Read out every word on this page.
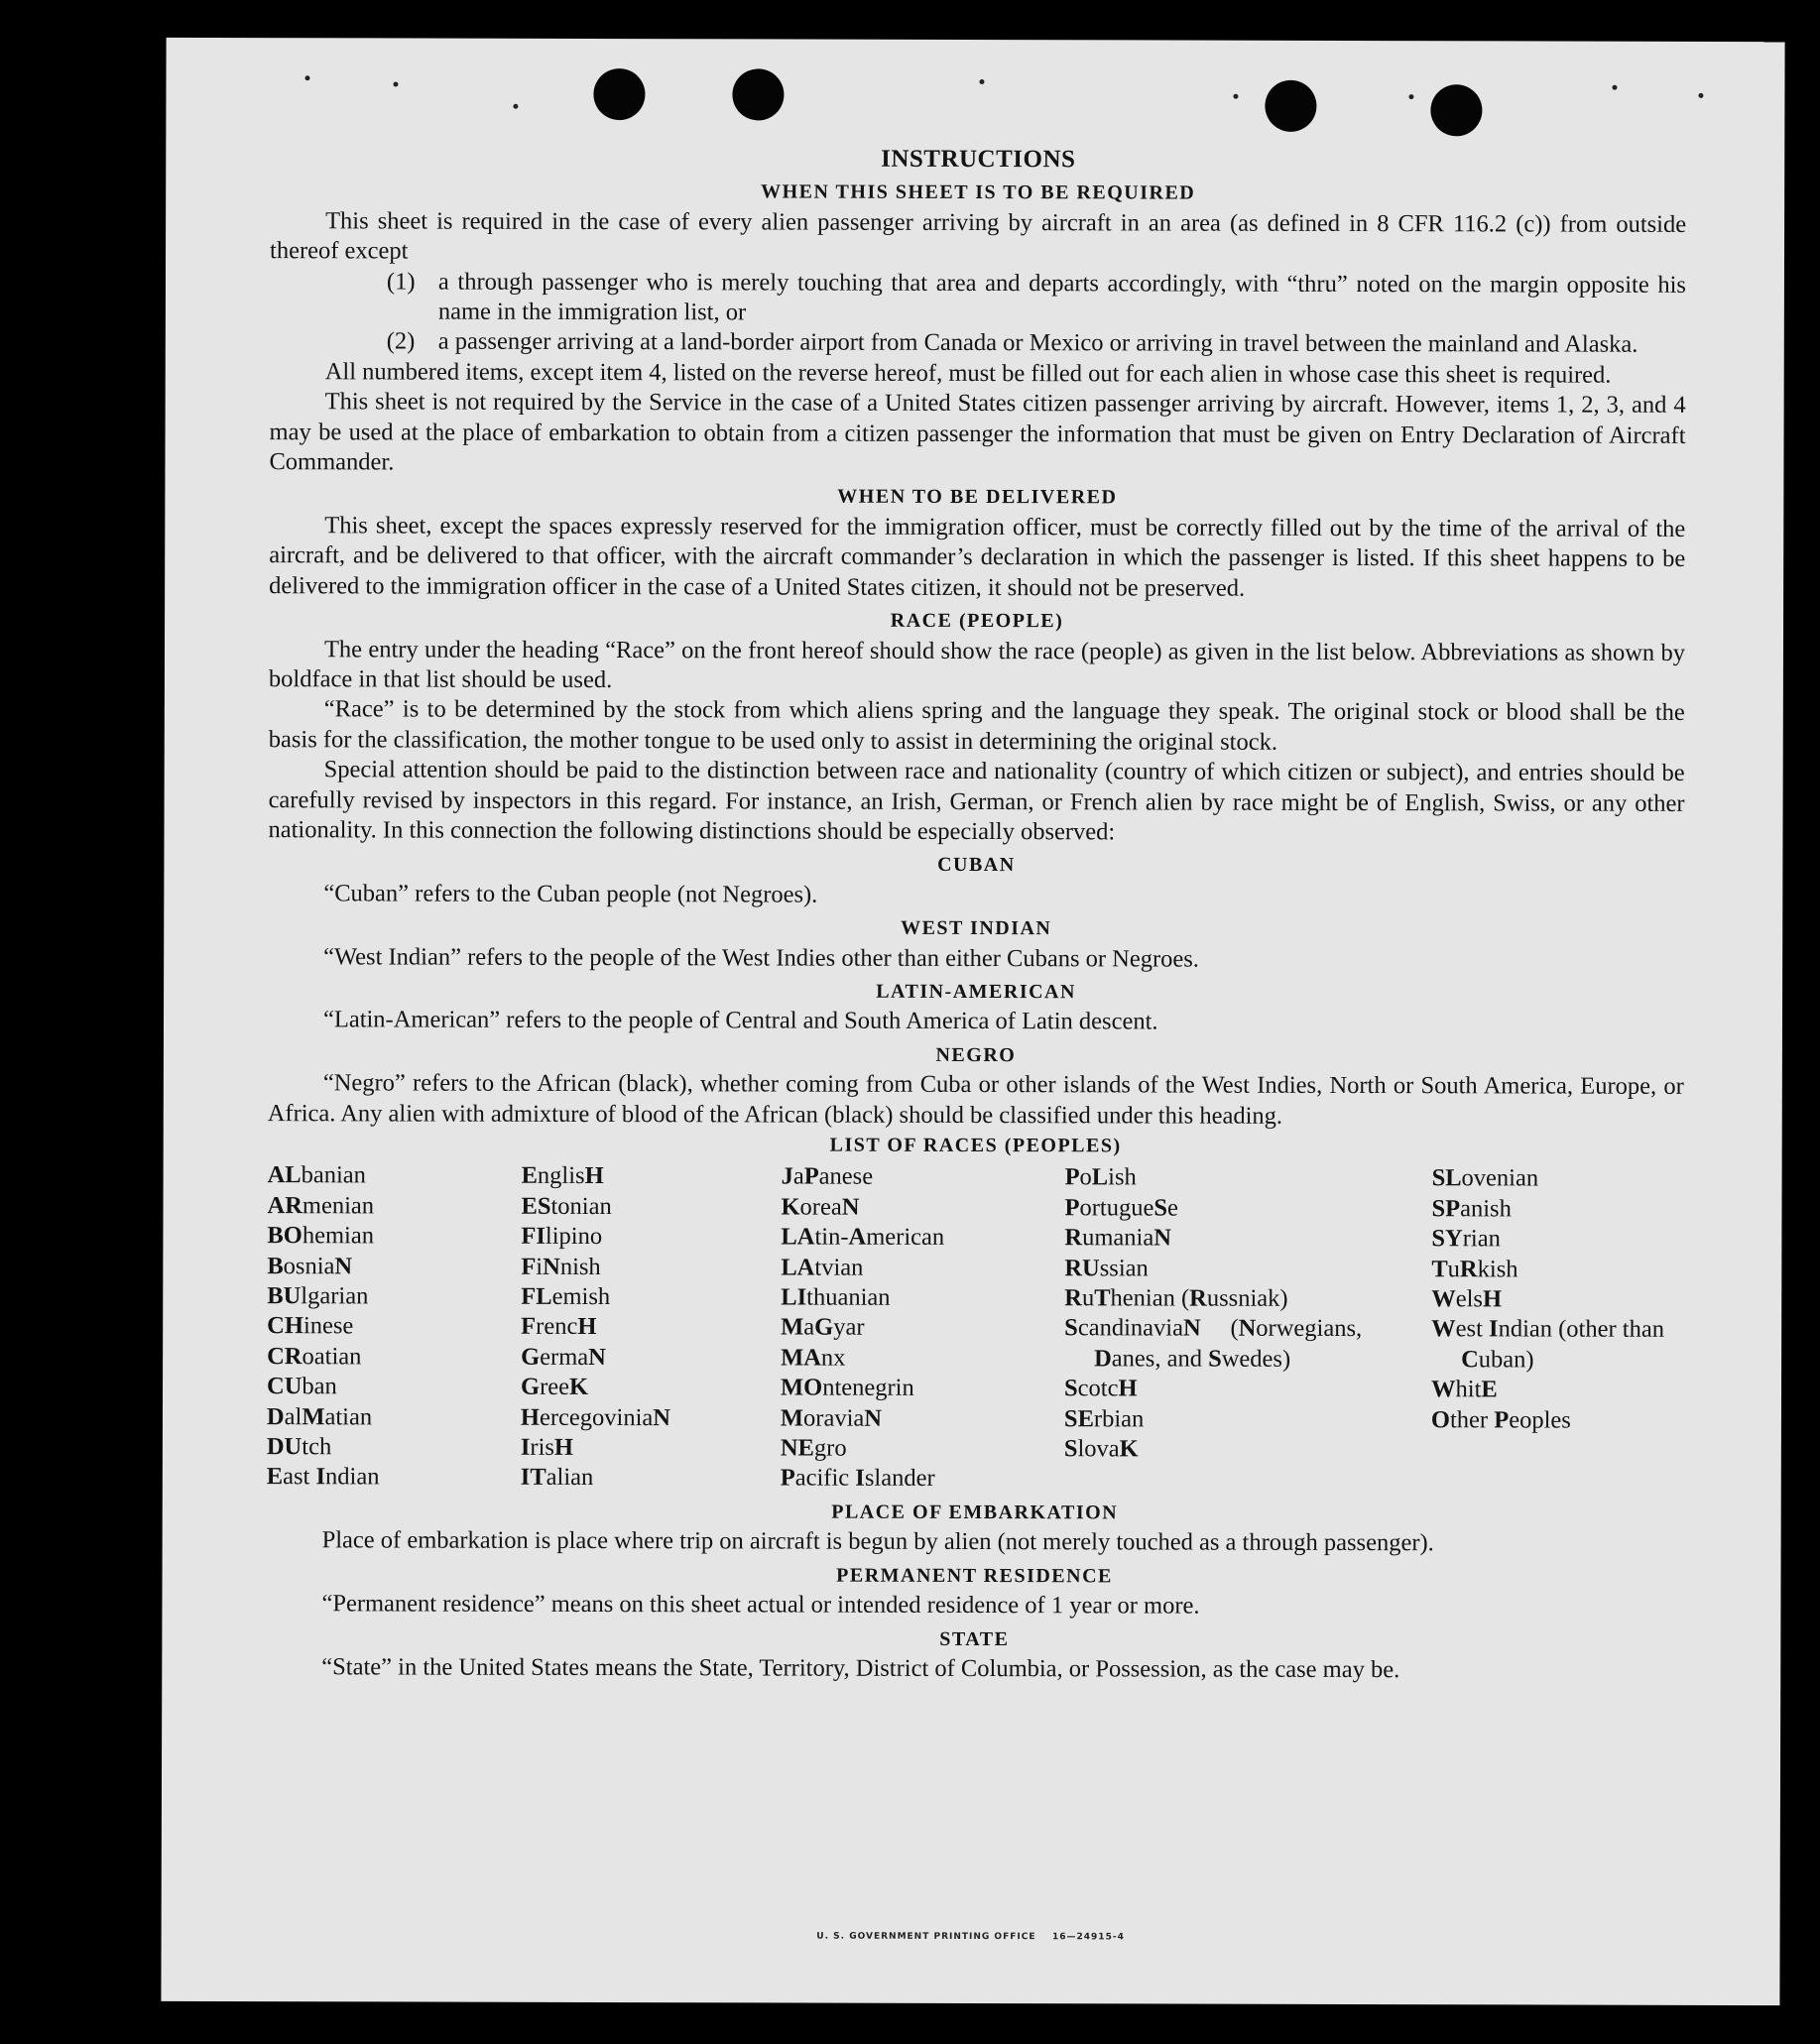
INSTRUCTIONS
WHEN THIS SHEET IS TO BE REQUIRED

This sheet is required in the case of every alien passenger arriving by aircraft in an area (as defined in 8 CFR 116.2 (c)) from outside thereof except

(1) a through passenger who is merely touching that area and departs accordingly, with “thru” noted on the margin opposite his name in the immigration list, or
(2) a passenger arriving at a land-border airport from Canada or Mexico or arriving in travel between the mainland and Alaska.

All numbered items, except item 4, listed on the reverse hereof, must be filled out for each alien in whose case this sheet is required.

This sheet is not required by the Service in the case of a United States citizen passenger arriving by aircraft. However, items 1, 2, 3, and 4 may be used at the place of embarkation to obtain from a citizen passenger the information that must be given on Entry Declaration of Aircraft Commander.

WHEN TO BE DELIVERED

This sheet, except the spaces expressly reserved for the immigration officer, must be correctly filled out by the time of the arrival of the aircraft, and be delivered to that officer, with the aircraft commander’s declaration in which the passenger is listed. If this sheet happens to be delivered to the immigration officer in the case of a United States citizen, it should not be preserved.

RACE (PEOPLE)

The entry under the heading “Race” on the front hereof should show the race (people) as given in the list below. Abbreviations as shown by boldface in that list should be used.

“Race” is to be determined by the stock from which aliens spring and the language they speak. The original stock or blood shall be the basis for the classification, the mother tongue to be used only to assist in determining the original stock.

Special attention should be paid to the distinction between race and nationality (country of which citizen or subject), and entries should be carefully revised by inspectors in this regard. For instance, an Irish, German, or French alien by race might be of English, Swiss, or any other nationality. In this connection the following distinctions should be especially observed:

CUBAN

“Cuban” refers to the Cuban people (not Negroes).

WEST INDIAN

“West Indian” refers to the people of the West Indies other than either Cubans or Negroes.

LATIN-AMERICAN

“Latin-American” refers to the people of Central and South America of Latin descent.

NEGRO

“Negro” refers to the African (black), whether coming from Cuba or other islands of the West Indies, North or South America, Europe, or Africa. Any alien with admixture of blood of the African (black) should be classified under this heading.

LIST OF RACES (PEOPLES)
ALbanian
ARmenian
BOhemian
BosniaN
BUlgarian
CHinese
CRoatian
CUban
DalMatian
DUtch
East Indian
EnglisH
EStonian
FIlipino
FiNnish
FLemish
FrencH
GermaN
GreeK
HercegoviniaN
IrisH
ITalian
JaPanese
KoreaN
LAtin-American
LAtvian
LIthuanian
MaGyar
MAnx
MOntenegrin
MoraviaN
NEgro
Pacific Islander
PoLish
PortugueSe
RumaniaN
RUssian
RuThenian (Russniak)
ScandinaviaN (Norwegians, Danes, and Swedes)
ScotcH
SErbian
SlovaK
SLovenian
SPanish
SYrian
TuRkish
WelsH
West Indian (other than Cuban)
WhitE
Other Peoples
PLACE OF EMBARKATION

Place of embarkation is place where trip on aircraft is begun by alien (not merely touched as a through passenger).

PERMANENT RESIDENCE

“Permanent residence” means on this sheet actual or intended residence of 1 year or more.

STATE

“State” in the United States means the State, Territory, District of Columbia, or Possession, as the case may be.

U. S. GOVERNMENT PRINTING OFFICE    16—24915-4
